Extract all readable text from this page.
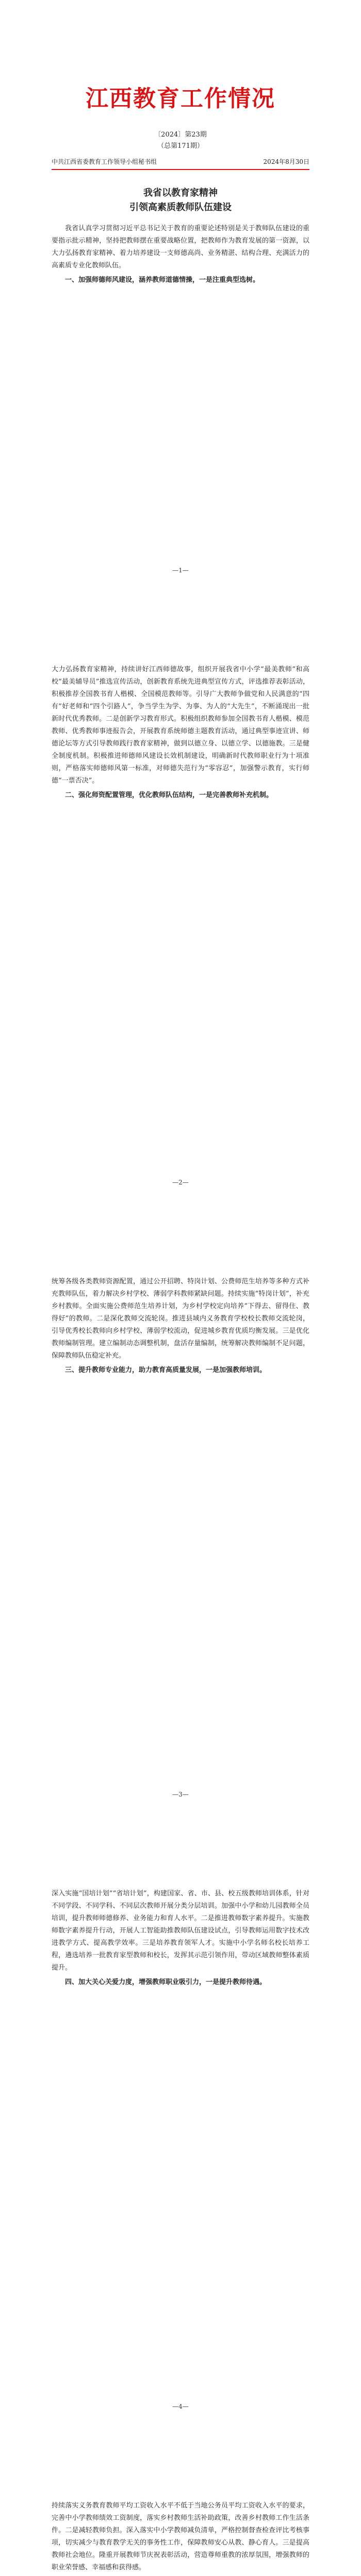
江西教育工作情况
〔2024〕第23期
（总第171期）
中共江西省委教育工作领导小组秘书组	2024年8月30日
我省以教育家精神
引领高素质教师队伍建设

我省认真学习贯彻习近平总书记关于教育的重要论述特别是关于教师队伍建设的重要指示批示精神，坚持把教师摆在重要战略位置，把教师作为教育发展的第一资源，以大力弘扬教育家精神、着力培养建设一支师德高尚、业务精湛、结构合理、充满活力的高素质专业化教师队伍。

一、加强师德师风建设，涵养教师道德情操，一是注重典型选树。

—1—

大力弘扬教育家精神，持续讲好江西师德故事，组织开展我省中小学“最美教师”和高校“最美辅导员”推选宣传活动，创新教育系统先进典型宣传方式，评选推荐表彰活动，积极推荐全国教书育人楷模、全国模范教师等。引导广大教师争做党和人民满意的“四有”好老师和“四个引路人”，争当学生为学、为事、为人的“大先生”，不断涌现出一批新时代优秀教师。二是创新学习教育形式。积极组织教师参加全国教书育人楷模、模范教师、优秀教师事迹报告会，开展教育系统师德主题教育活动，通过典型事迹宣讲、师德论坛等方式引导教师践行教育家精神，做到以德立身、以德立学、以德施教。三是健全制度机制。积极推进师德师风建设长效机制建设，明确新时代教师职业行为十项准则，严格落实师德师风第一标准，对师德失范行为“零容忍”，加强警示教育，实行师德“一票否决”。

二、强化师资配置管理，优化教师队伍结构，一是完善教师补充机制。

—2—

统筹各级各类教师资源配置，通过公开招聘、特岗计划、公费师范生培养等多种方式补充教师队伍，着力解决乡村学校、薄弱学科教师紧缺问题。持续实施“特岗计划”，补充乡村教师。全面实施公费师范生培养计划，为乡村学校定向培养“下得去、留得住、教得好”的教师。二是深化教师交流轮岗。推进县域内义务教育学校校长教师交流轮岗，引导优秀校长教师向乡村学校、薄弱学校流动，促进城乡教育优质均衡发展。三是优化教师编制管理。建立编制动态调整机制，盘活存量编制，统筹解决教师编制不足问题，保障教师队伍稳定补充。

三、提升教师专业能力，助力教育高质量发展，一是加强教师培训。

—3—

深入实施“国培计划”“省培计划”，构建国家、省、市、县、校五级教师培训体系，针对不同学段、不同学科、不同层次教师开展分类分层培训。加强中小学和幼儿园教师全员培训，提升教师师德修养、业务能力和育人水平。二是推进教师数字素养提升。实施教师数字素养提升行动，开展人工智能助推教师队伍建设试点，引导教师运用数字技术改进教学方式、提高教学效率。三是培养教育领军人才。实施中小学名师名校长培养工程，遴选培养一批教育家型教师和校长，发挥其示范引领作用，带动区域教师整体素质提升。

四、加大关心关爱力度，增强教师职业吸引力，一是提升教师待遇。

—4—

持续落实义务教育教师平均工资收入水平不低于当地公务员平均工资收入水平的要求，完善中小学教师绩效工资制度，落实乡村教师生活补助政策，改善乡村教师工作生活条件。二是减轻教师负担。深入落实中小学教师减负清单，严格控制督查检查评比考核事项，切实减少与教育教学无关的事务性工作，保障教师安心从教、静心育人。三是提高教师社会地位。隆重开展教师节庆祝表彰活动，营造尊师重教的浓厚氛围，增强教师的职业荣誉感、幸福感和获得感。
